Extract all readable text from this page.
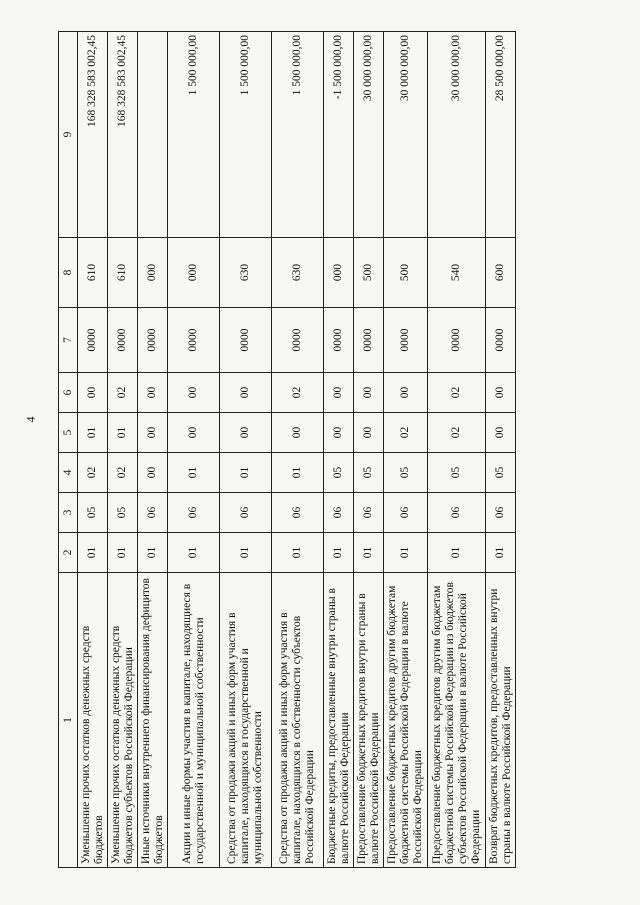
4
1	2	3	4	5	6	7	8	9
Уменьшение прочих остатков денежных средств бюджетов	01	05	02	01	00	0000	610	168 328 583 002,45
Уменьшение прочих остатков денежных средств бюджетов субъектов Российской Федерации	01	05	02	01	02	0000	610	168 328 583 002,45
Иные источники внутреннего финансирования дефицитов бюджетов	01	06	00	00	00	0000	000	
Акции и иные формы участия в капитале, находящиеся в государственной и муниципальной собственности	01	06	01	00	00	0000	000	1 500 000,00
Средства от продажи акций и иных форм участия в капитале, находящихся в государственной и муниципальной собственности	01	06	01	00	00	0000	630	1 500 000,00
Средства от продажи акций и иных форм участия в капитале, находящихся в собственности субъектов Российской Федерации	01	06	01	00	02	0000	630	1 500 000,00
Бюджетные кредиты, предоставленные внутри страны в валюте Российской Федерации	01	06	05	00	00	0000	000	-1 500 000,00
Предоставление бюджетных кредитов внутри страны в валюте Российской Федерации	01	06	05	00	00	0000	500	30 000 000,00
Предоставление бюджетных кредитов другим бюджетам бюджетной системы Российской Федерации в валюте Российской Федерации	01	06	05	02	00	0000	500	30 000 000,00
Предоставление бюджетных кредитов другим бюджетам бюджетной системы Российской Федерации из бюджетов субъектов Российской Федерации в валюте Российской Федерации	01	06	05	02	02	0000	540	30 000 000,00
Возврат бюджетных кредитов, предоставленных внутри страны в валюте Российской Федерации	01	06	05	00	00	0000	600	28 500 000,00
